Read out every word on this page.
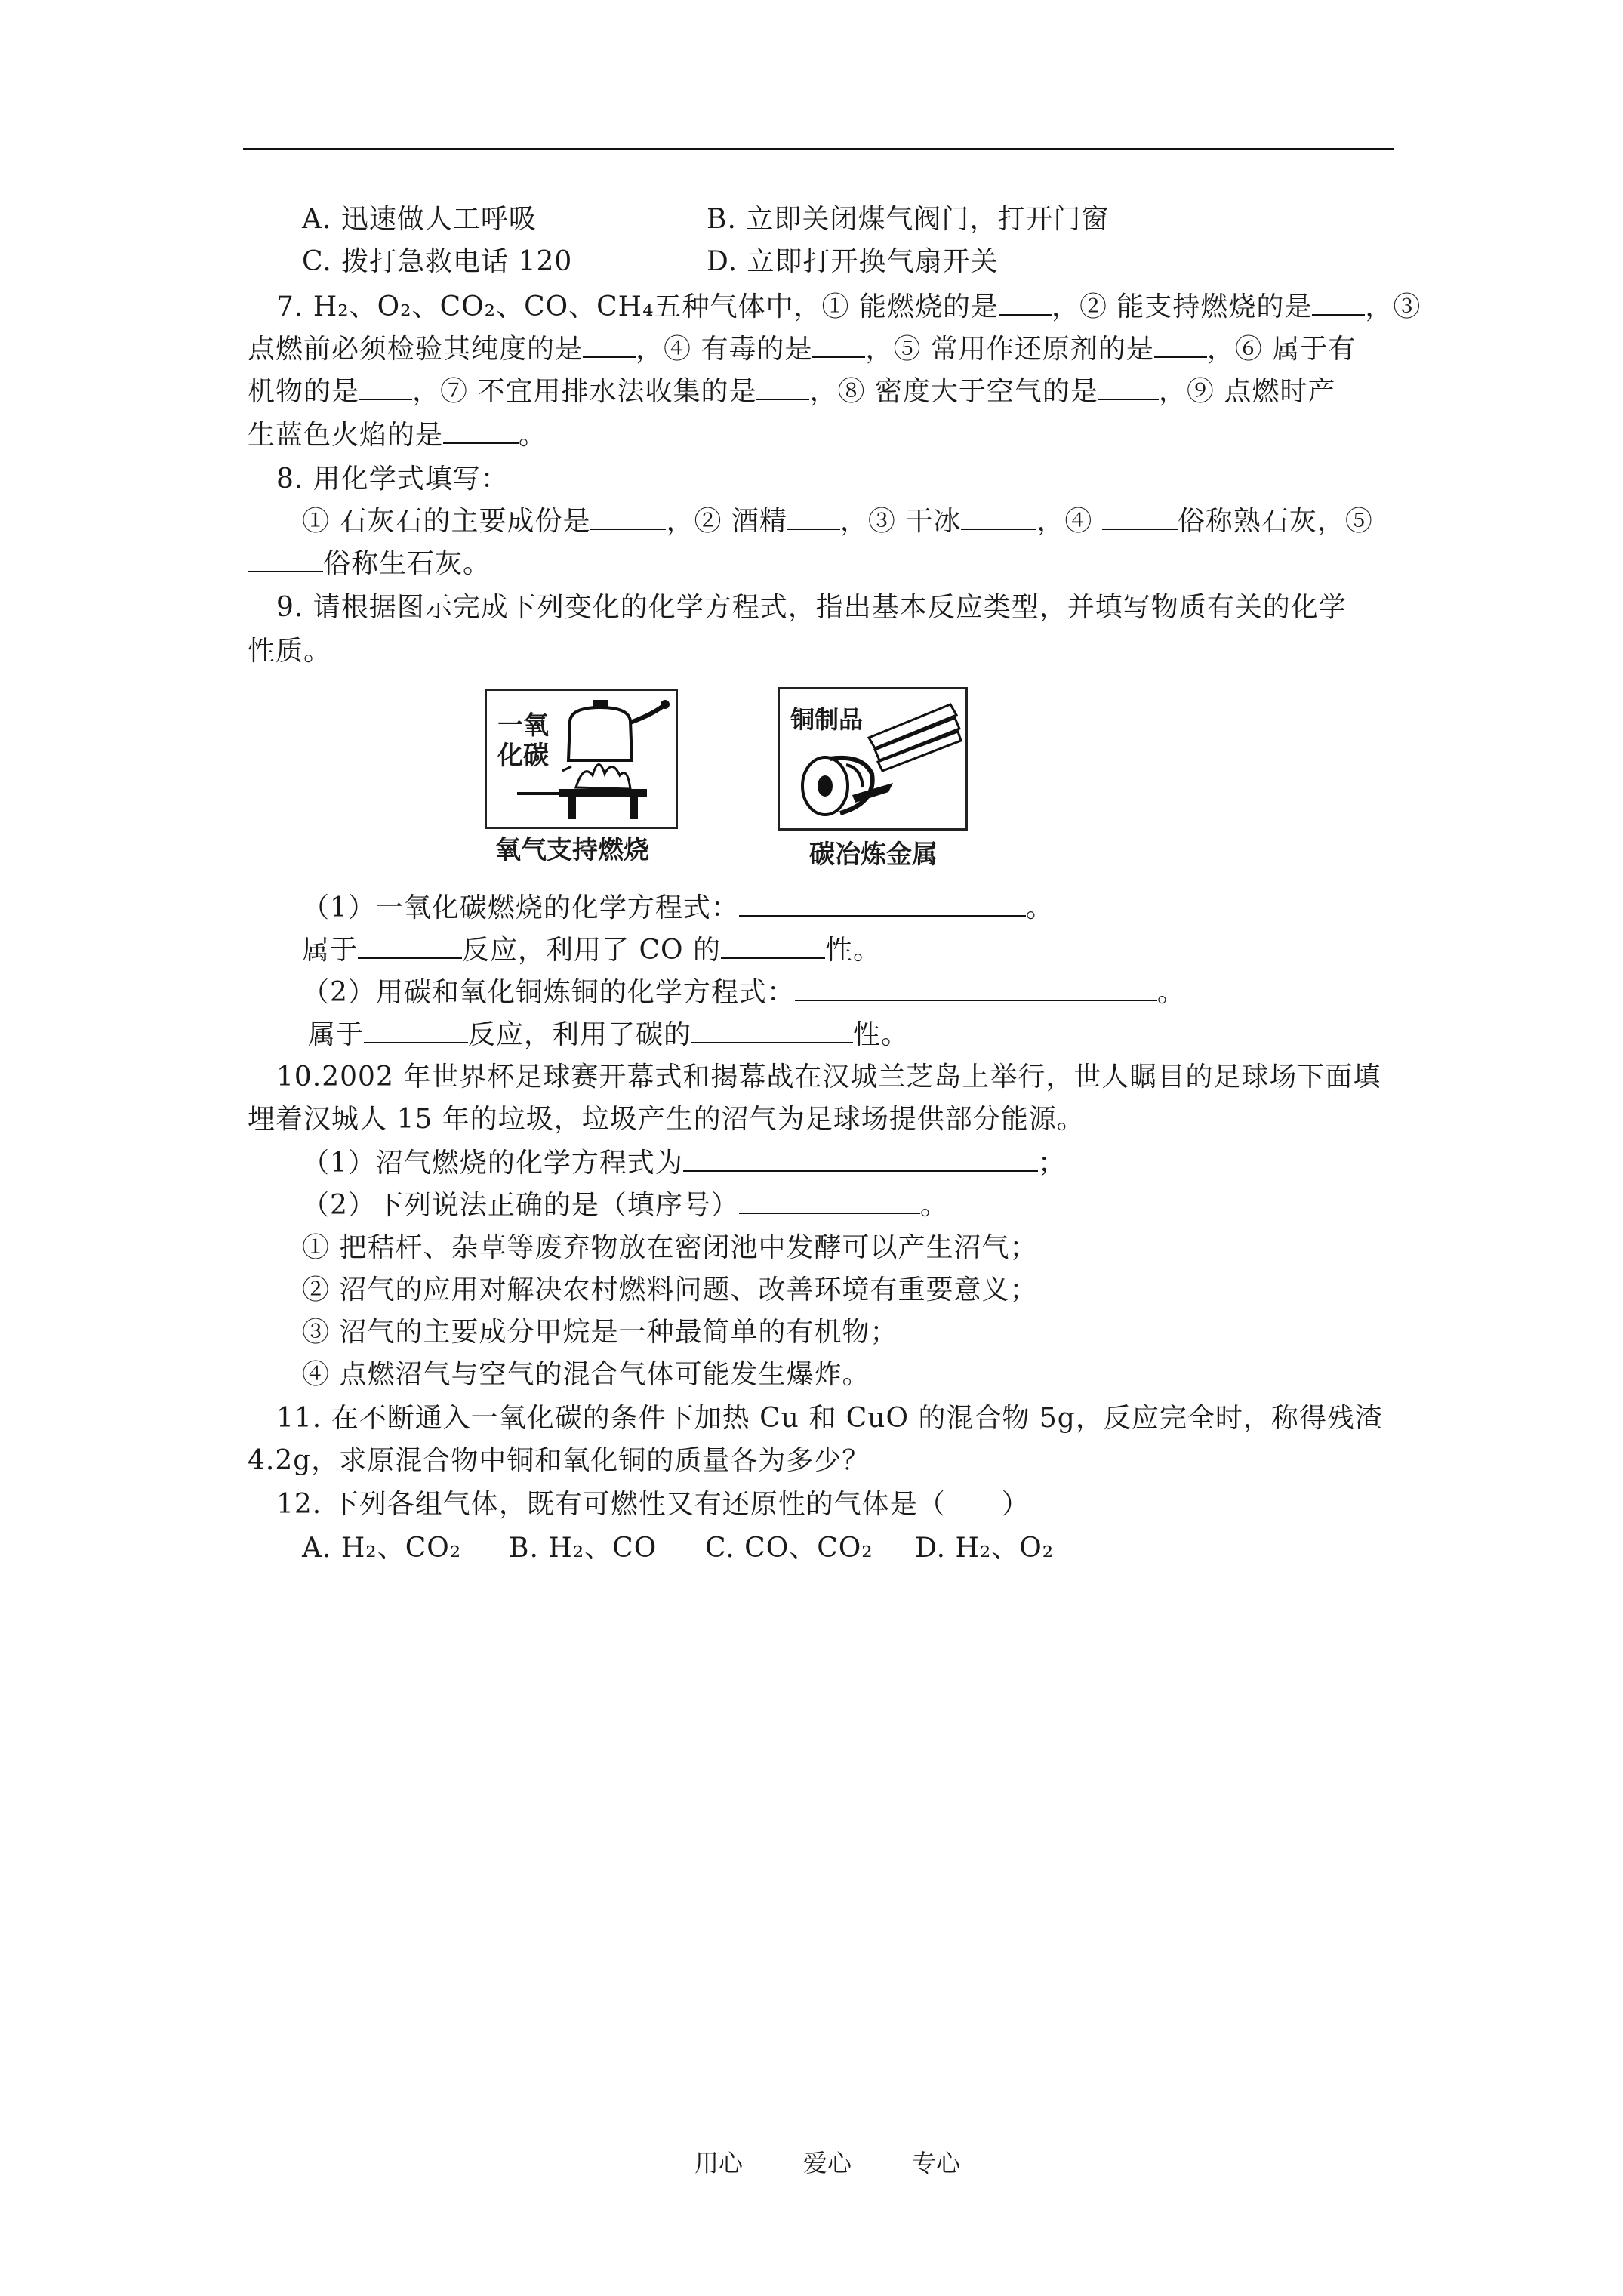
A. 迅速做人工呼吸	B. 立即关闭煤气阀门，打开门窗
C. 拨打急救电话 120	D. 立即打开换气扇开关
7. H₂、O₂、CO₂、CO、CH₄五种气体中，① 能燃烧的是 ，② 能支持燃烧的是 ，③
点燃前必须检验其纯度的是 ，④ 有毒的是 ，⑤ 常用作还原剂的是 ，⑥ 属于有
机物的是 ，⑦ 不宜用排水法收集的是 ，⑧ 密度大于空气的是 ，⑨ 点燃时产
生蓝色火焰的是	。
8. 用化学式填写：
① 石灰石的主要成份是	，② 酒精 ，③ 干冰	，④	俗称熟石灰，⑤
俗称生石灰。
9. 请根据图示完成下列变化的化学方程式，指出基本反应类型，并填写物质有关的化学
性质。
一氧化碳
氧气支持燃烧
铜制品
碳冶炼金属
（1）一氧化碳燃烧的化学方程式：	。
属于	反应，利用了 CO 的	性。
（2）用碳和氧化铜炼铜的化学方程式：	。
属于	反应，利用了碳的	性。
10.2002 年世界杯足球赛开幕式和揭幕战在汉城兰芝岛上举行，世人瞩目的足球场下面填
埋着汉城人 15 年的垃圾，垃圾产生的沼气为足球场提供部分能源。
（1）沼气燃烧的化学方程式为	；
（2）下列说法正确的是（填序号）	。
① 把秸杆、杂草等废弃物放在密闭池中发酵可以产生沼气；
② 沼气的应用对解决农村燃料问题、改善环境有重要意义；
③ 沼气的主要成分甲烷是一种最简单的有机物；
④ 点燃沼气与空气的混合气体可能发生爆炸。
11. 在不断通入一氧化碳的条件下加热 Cu 和 CuO 的混合物 5g，反应完全时，称得残渣
4.2g，求原混合物中铜和氧化铜的质量各为多少？
12. 下列各组气体，既有可燃性又有还原性的气体是（　　）
A. H₂、CO₂ B. H₂、CO C. CO、CO₂ D. H₂、O₂
用心	爱心	专心
